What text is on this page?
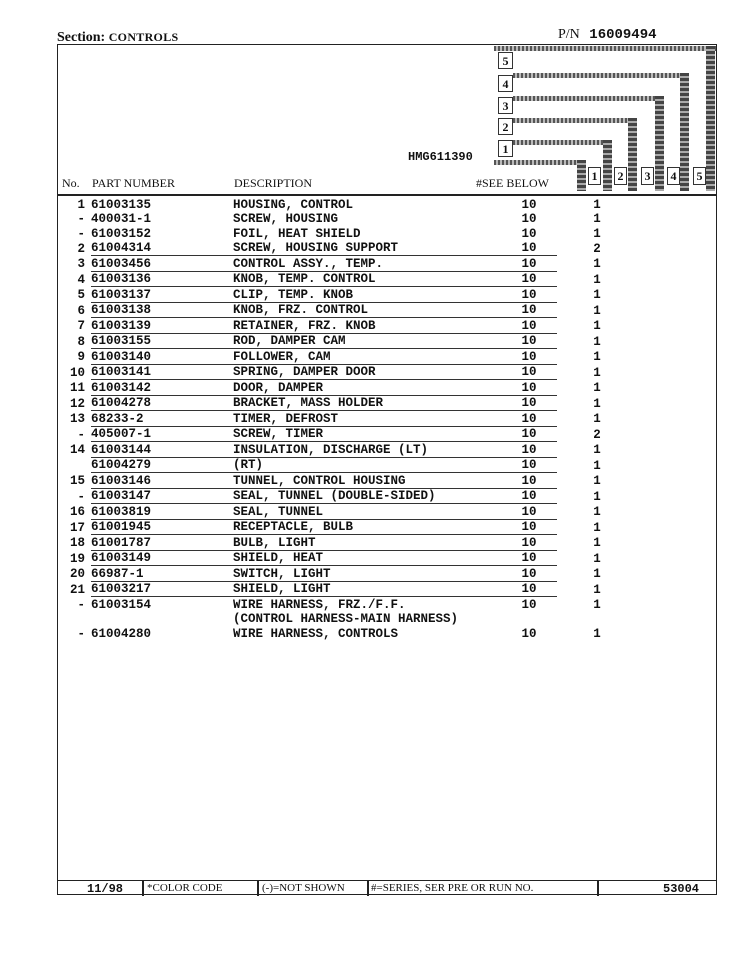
Section: CONTROLS	P/N 16009494
5
4
3
2
1
1 2 3 4 5
HMG611390
No. PART NUMBER	DESCRIPTION	#SEE BELOW
1	61003135	HOUSING, CONTROL	10	1
-	400031-1	SCREW, HOUSING	10	1
-	61003152	FOIL, HEAT SHIELD	10	1
2	61004314	SCREW, HOUSING SUPPORT	10	2
3	61003456	CONTROL ASSY., TEMP.	10	1
4	61003136	KNOB, TEMP. CONTROL	10	1
5	61003137	CLIP, TEMP. KNOB	10	1
6	61003138	KNOB, FRZ. CONTROL	10	1
7	61003139	RETAINER, FRZ. KNOB	10	1
8	61003155	ROD, DAMPER CAM	10	1
9	61003140	FOLLOWER, CAM	10	1
10	61003141	SPRING, DAMPER DOOR	10	1
11	61003142	DOOR, DAMPER	10	1
12	61004278	BRACKET, MASS HOLDER	10	1
13	68233-2	TIMER, DEFROST	10	1
-	405007-1	SCREW, TIMER	10	2
14	61003144	INSULATION, DISCHARGE (LT)	10	1
	61004279	(RT)	10	1
15	61003146	TUNNEL, CONTROL HOUSING	10	1
-	61003147	SEAL, TUNNEL (DOUBLE-SIDED)	10	1
16	61003819	SEAL, TUNNEL	10	1
17	61001945	RECEPTACLE, BULB	10	1
18	61001787	BULB, LIGHT	10	1
19	61003149	SHIELD, HEAT	10	1
20	66987-1	SWITCH, LIGHT	10	1
21	61003217	SHIELD, LIGHT	10	1
-	61003154	WIRE HARNESS, FRZ./F.F.	10	1
		(CONTROL HARNESS-MAIN HARNESS)		
-	61004280	WIRE HARNESS, CONTROLS	10	1
11/98 *COLOR CODE	(-)=NOT SHOWN #=SERIES, SER PRE OR RUN NO.	53004
